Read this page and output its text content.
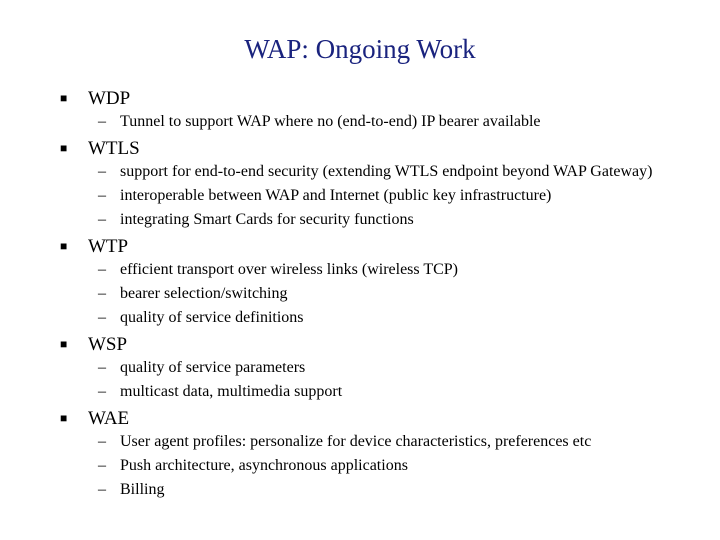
WAP: Ongoing Work
■	WDP
– Tunnel to support WAP where no (end-to-end) IP bearer available
■	WTLS
– support for end-to-end security (extending WTLS endpoint beyond WAP Gateway)
– interoperable between WAP and Internet (public key infrastructure)
– integrating Smart Cards for security functions
■	WTP
– efficient transport over wireless links (wireless TCP)
– bearer selection/switching
– quality of service definitions
■	WSP
– quality of service parameters
– multicast data, multimedia support
■	WAE
– User agent profiles: personalize for device characteristics, preferences etc
– Push architecture, asynchronous applications
– Billing
